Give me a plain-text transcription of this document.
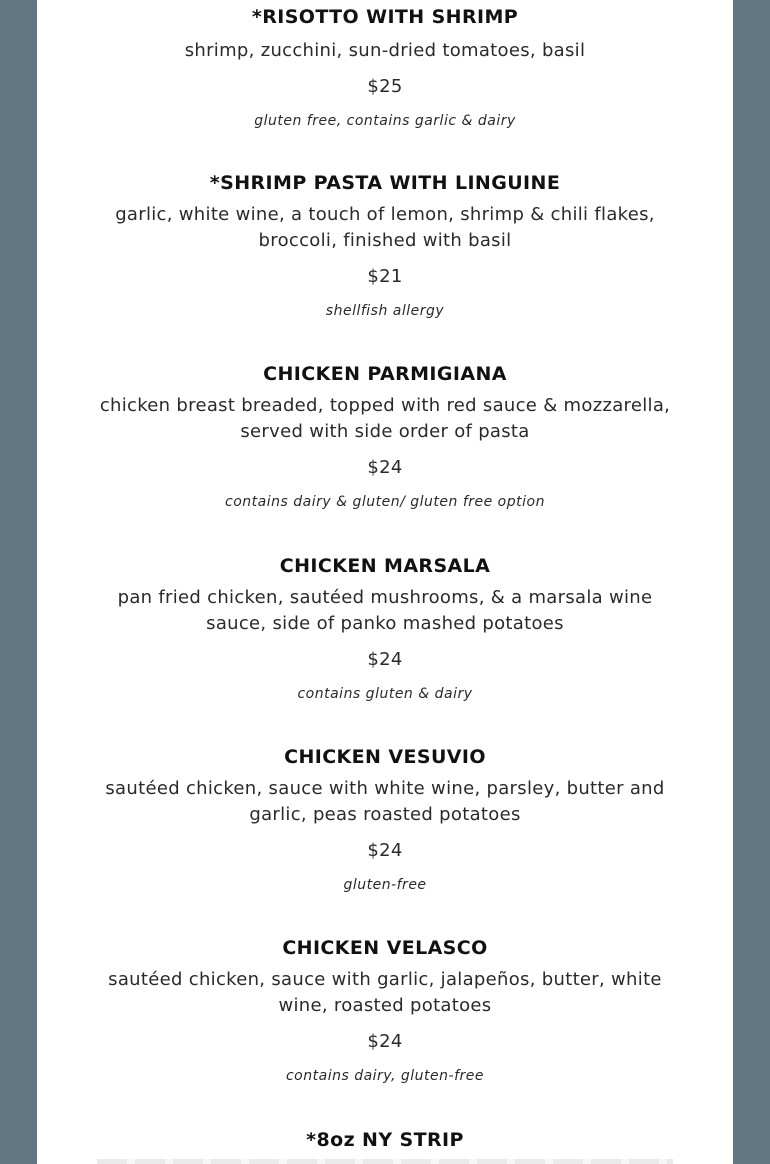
*RISOTTO WITH SHRIMP
shrimp, zucchini, sun-dried tomatoes, basil
$25
gluten free, contains garlic & dairy
*SHRIMP PASTA WITH LINGUINE
garlic, white wine, a touch of lemon, shrimp & chili flakes, broccoli, finished with basil
$21
shellfish allergy
CHICKEN PARMIGIANA
chicken breast breaded, topped with red sauce & mozzarella, served with side order of pasta
$24
contains dairy & gluten/ gluten free option
CHICKEN MARSALA
pan fried chicken, sautéed mushrooms, & a marsala wine sauce, side of panko mashed potatoes
$24
contains gluten & dairy
CHICKEN VESUVIO
sautéed chicken, sauce with white wine, parsley, butter and garlic, peas roasted potatoes
$24
gluten-free
CHICKEN VELASCO
sautéed chicken, sauce with garlic, jalapeños, butter, white wine, roasted potatoes
$24
contains dairy, gluten-free
*8oz NY STRIP
